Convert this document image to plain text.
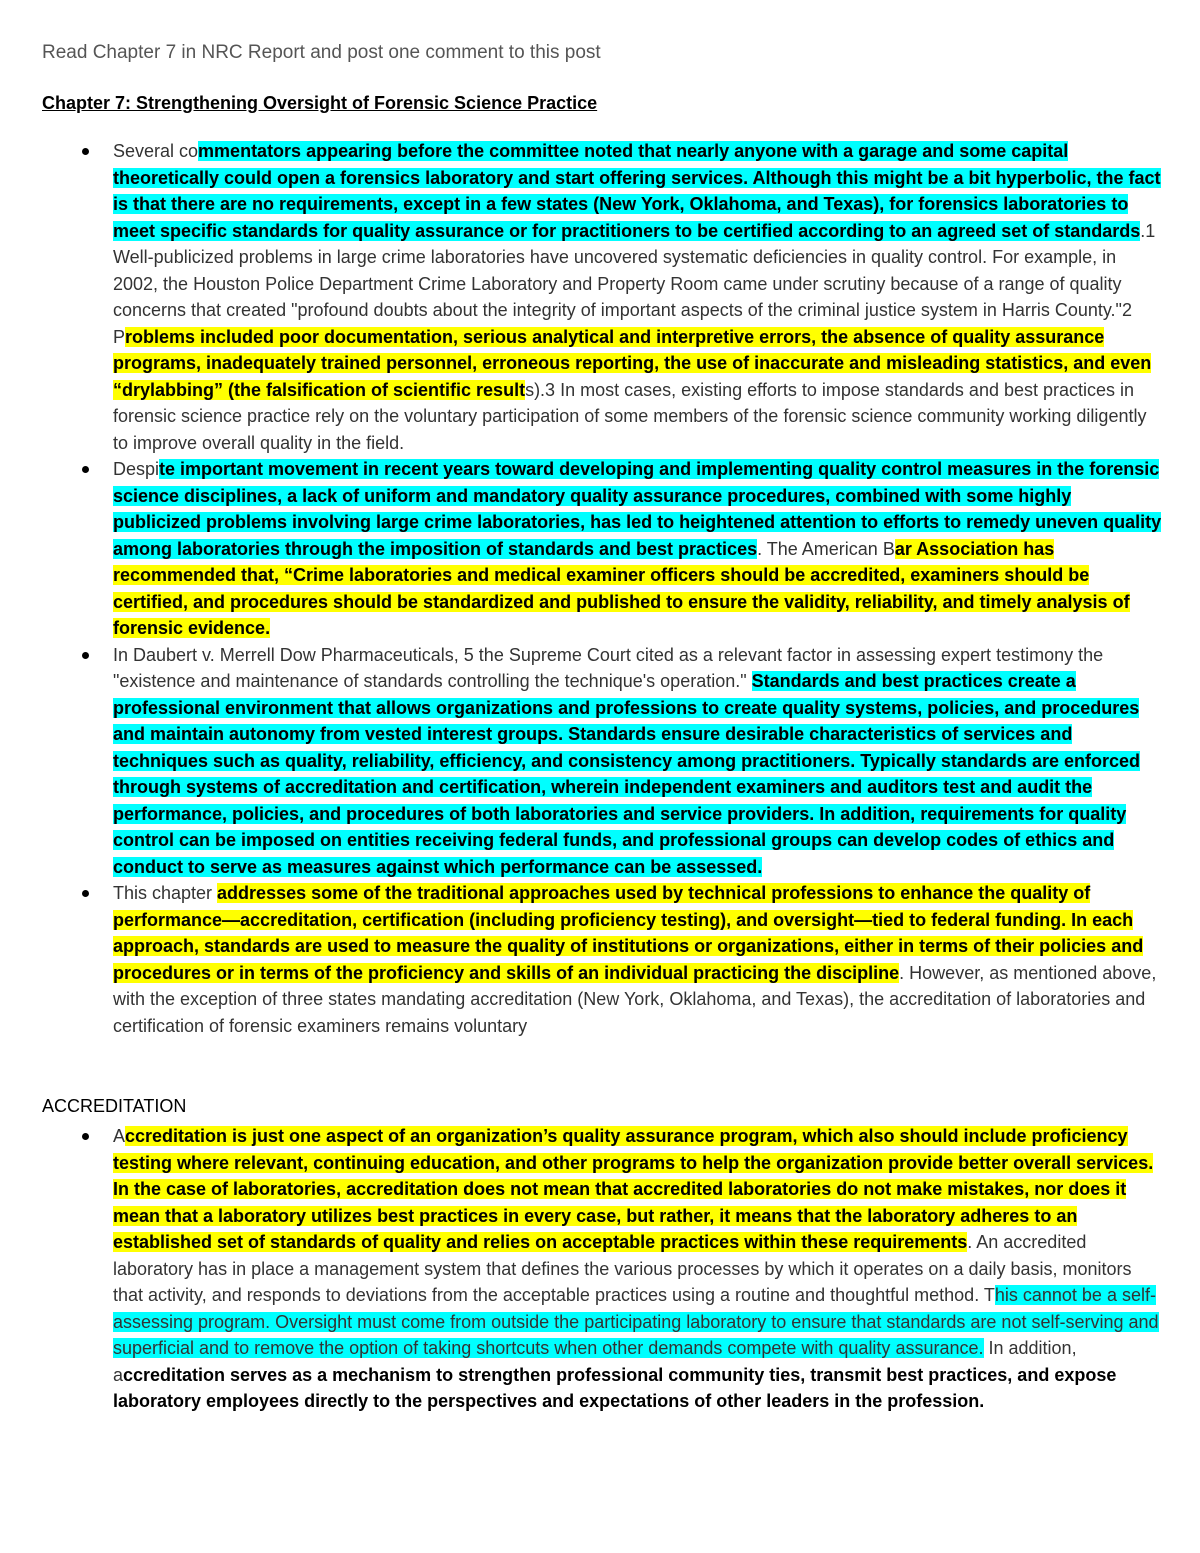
Read Chapter 7 in NRC Report and post one comment to this post

Chapter 7: Strengthening Oversight of Forensic Science Practice

Several commentators appearing before the committee noted that nearly anyone with a garage and some capital theoretically could open a forensics laboratory and start offering services. Although this might be a bit hyperbolic, the fact is that there are no requirements, except in a few states (New York, Oklahoma, and Texas), for forensics laboratories to meet specific standards for quality assurance or for practitioners to be certified according to an agreed set of standards.1 Well-publicized problems in large crime laboratories have uncovered systematic deficiencies in quality control. For example, in 2002, the Houston Police Department Crime Laboratory and Property Room came under scrutiny because of a range of quality concerns that created "profound doubts about the integrity of important aspects of the criminal justice system in Harris County."2 Problems included poor documentation, serious analytical and interpretive errors, the absence of quality assurance programs, inadequately trained personnel, erroneous reporting, the use of inaccurate and misleading statistics, and even “drylabbing” (the falsification of scientific results).3 In most cases, existing efforts to impose standards and best practices in forensic science practice rely on the voluntary participation of some members of the forensic science community working diligently to improve overall quality in the field.
Despite important movement in recent years toward developing and implementing quality control measures in the forensic science disciplines, a lack of uniform and mandatory quality assurance procedures, combined with some highly publicized problems involving large crime laboratories, has led to heightened attention to efforts to remedy uneven quality among laboratories through the imposition of standards and best practices. The American Bar Association has recommended that, “Crime laboratories and medical examiner officers should be accredited, examiners should be certified, and procedures should be standardized and published to ensure the validity, reliability, and timely analysis of forensic evidence.
In Daubert v. Merrell Dow Pharmaceuticals, 5 the Supreme Court cited as a relevant factor in assessing expert testimony the "existence and maintenance of standards controlling the technique's operation." Standards and best practices create a professional environment that allows organizations and professions to create quality systems, policies, and procedures and maintain autonomy from vested interest groups. Standards ensure desirable characteristics of services and techniques such as quality, reliability, efficiency, and consistency among practitioners. Typically standards are enforced through systems of accreditation and certification, wherein independent examiners and auditors test and audit the performance, policies, and procedures of both laboratories and service providers. In addition, requirements for quality control can be imposed on entities receiving federal funds, and professional groups can develop codes of ethics and conduct to serve as measures against which performance can be assessed.
This chapter addresses some of the traditional approaches used by technical professions to enhance the quality of performance—accreditation, certification (including proficiency testing), and oversight—tied to federal funding. In each approach, standards are used to measure the quality of institutions or organizations, either in terms of their policies and procedures or in terms of the proficiency and skills of an individual practicing the discipline. However, as mentioned above, with the exception of three states mandating accreditation (New York, Oklahoma, and Texas), the accreditation of laboratories and certification of forensic examiners remains voluntary

ACCREDITATION

Accreditation is just one aspect of an organization’s quality assurance program, which also should include proficiency testing where relevant, continuing education, and other programs to help the organization provide better overall services. In the case of laboratories, accreditation does not mean that accredited laboratories do not make mistakes, nor does it mean that a laboratory utilizes best practices in every case, but rather, it means that the laboratory adheres to an established set of standards of quality and relies on acceptable practices within these requirements. An accredited laboratory has in place a management system that defines the various processes by which it operates on a daily basis, monitors that activity, and responds to deviations from the acceptable practices using a routine and thoughtful method. This cannot be a self-assessing program. Oversight must come from outside the participating laboratory to ensure that standards are not self-serving and superficial and to remove the option of taking shortcuts when other demands compete with quality assurance. In addition, accreditation serves as a mechanism to strengthen professional community ties, transmit best practices, and expose laboratory employees directly to the perspectives and expectations of other leaders in the profession.
